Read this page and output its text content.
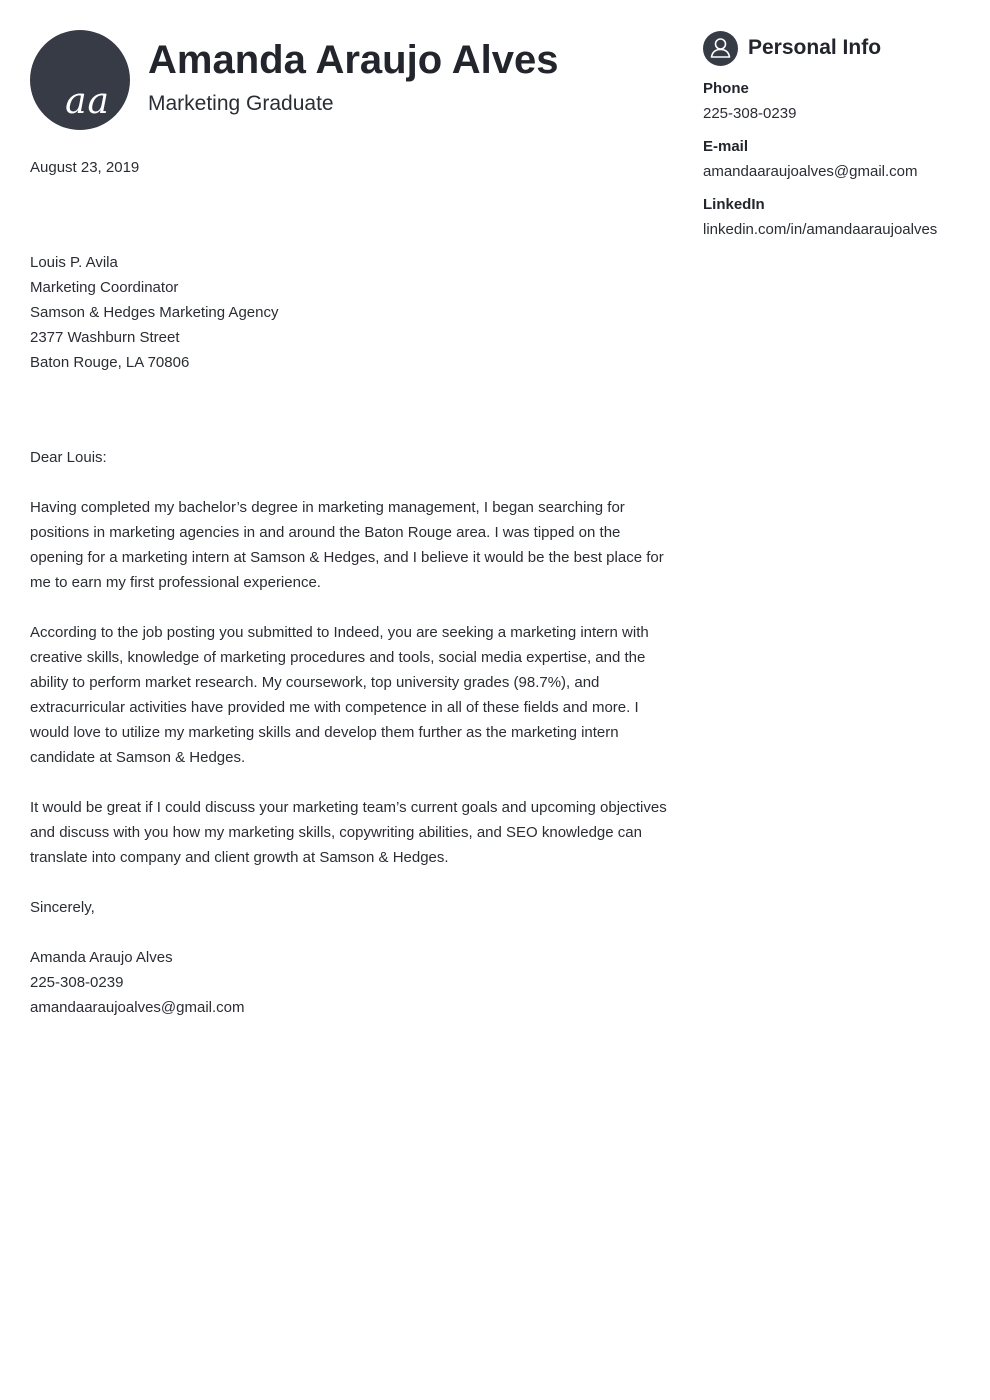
aa
Amanda Araujo Alves
Marketing Graduate

August 23, 2019

Louis P. Avila
Marketing Coordinator
Samson & Hedges Marketing Agency
2377 Washburn Street
Baton Rouge, LA 70806
Dear Louis:

Having completed my bachelor’s degree in marketing management, I began searching for positions in marketing agencies in and around the Baton Rouge area. I was tipped on the opening for a marketing intern at Samson & Hedges, and I believe it would be the best place for me to earn my first professional experience.

According to the job posting you submitted to Indeed, you are seeking a marketing intern with creative skills, knowledge of marketing procedures and tools, social media expertise, and the ability to perform market research. My coursework, top university grades (98.7%), and extracurricular activities have provided me with competence in all of these fields and more. I would love to utilize my marketing skills and develop them further as the marketing intern candidate at Samson & Hedges.

It would be great if I could discuss your marketing team’s current goals and upcoming objectives and discuss with you how my marketing skills, copywriting abilities, and SEO knowledge can translate into company and client growth at Samson & Hedges.

Sincerely,
Amanda Araujo Alves
225-308-0239
amandaaraujoalves@gmail.com
Personal Info
Phone
225-308-0239
E-mail
amandaaraujoalves@gmail.com
LinkedIn
linkedin.com/in/amandaaraujoalves
